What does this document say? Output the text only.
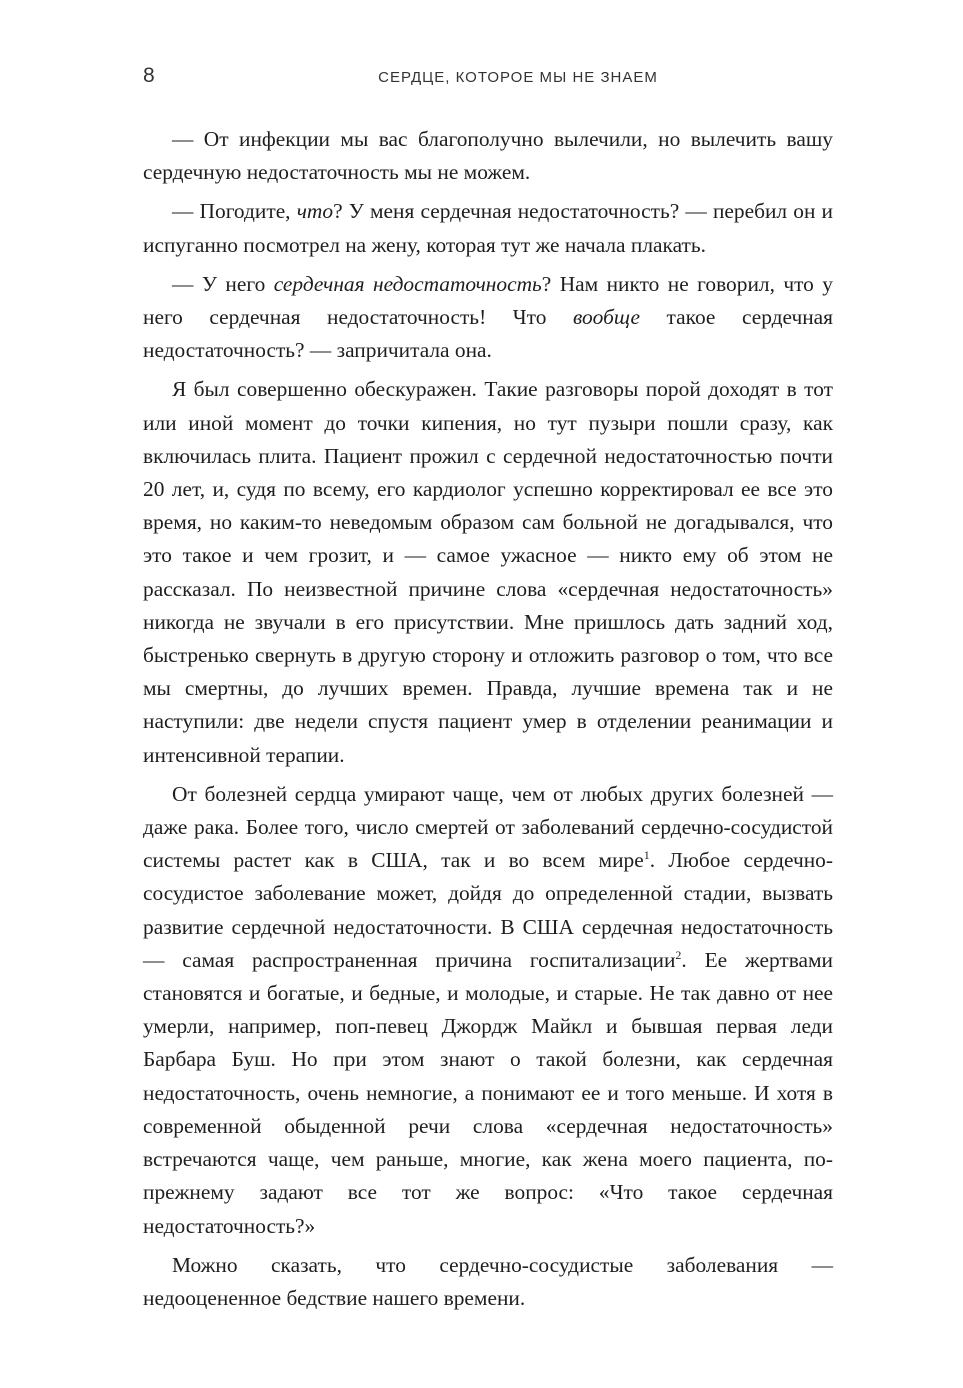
8	СЕРДЦЕ, КОТОРОЕ МЫ НЕ ЗНАЕМ

— От инфекции мы вас благополучно вылечили, но вылечить вашу сердечную недостаточность мы не можем.

— Погодите, что? У меня сердечная недостаточность? — перебил он и испуганно посмотрел на жену, которая тут же начала плакать.

— У него сердечная недостаточность? Нам никто не говорил, что у него сердечная недостаточность! Что вообще такое сердечная недостаточность? — запричитала она.

Я был совершенно обескуражен. Такие разговоры порой доходят в тот или иной момент до точки кипения, но тут пузыри пошли сразу, как включилась плита. Пациент прожил с сердечной недостаточностью почти 20 лет, и, судя по всему, его кардиолог успешно корректировал ее все это время, но каким-то неведомым образом сам больной не догадывался, что это такое и чем грозит, и — самое ужасное — никто ему об этом не рассказал. По неизвестной причине слова «сердечная недостаточность» никогда не звучали в его присутствии. Мне пришлось дать задний ход, быстренько свернуть в другую сторону и отложить разговор о том, что все мы смертны, до лучших времен. Правда, лучшие времена так и не наступили: две недели спустя пациент умер в отделении реанимации и интенсивной терапии.

От болезней сердца умирают чаще, чем от любых других болезней — даже рака. Более того, число смертей от заболеваний сердечно-сосудистой системы растет как в США, так и во всем мире$^1$. Любое сердечно-сосудистое заболевание может, дойдя до определенной стадии, вызвать развитие сердечной недостаточности. В США сердечная недостаточность — самая распространенная причина госпитализации$^2$. Ее жертвами становятся и богатые, и бедные, и молодые, и старые. Не так давно от нее умерли, например, поп-певец Джордж Майкл и бывшая первая леди Барбара Буш. Но при этом знают о такой болезни, как сердечная недостаточность, очень немногие, а понимают ее и того меньше. И хотя в современной обыденной речи слова «сердечная недостаточность» встречаются чаще, чем раньше, многие, как жена моего пациента, по-прежнему задают все тот же вопрос: «Что такое сердечная недостаточность?»

Можно сказать, что сердечно-сосудистые заболевания — недооцененное бедствие нашего времени.
